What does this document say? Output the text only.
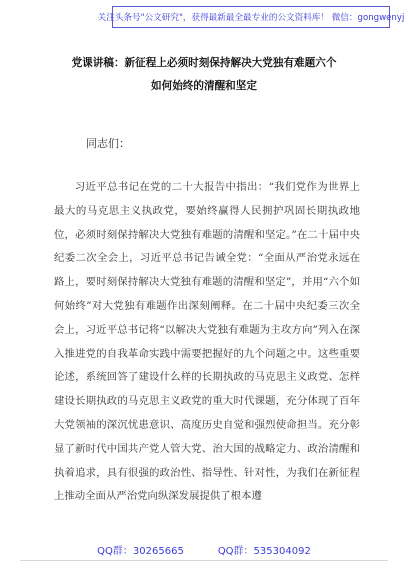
关注头条号"公文研究"，获得最新最全最专业的公文资料库！ 微信：gongwenyj
党课讲稿：新征程上必须时刻保持解决大党独有难题六个
如何始终的清醒和坚定
同志们：

习近平总书记在党的二十大报告中指出：“我们党作为世界上最大的马克思主义执政党，要始终赢得人民拥护巩固长期执政地位，必须时刻保持解决大党独有难题的清醒和坚定。”在二十届中央纪委二次全会上，习近平总书记告诫全党：“全面从严治党永远在路上，要时刻保持解决大党独有难题的清醒和坚定”，并用“六个如何始终”对大党独有难题作出深刻阐释。在二十届中央纪委三次全会上，习近平总书记将“以解决大党独有难题为主攻方向”列入在深入推进党的自我革命实践中需要把握好的九个问题之中。这些重要论述，系统回答了建设什么样的长期执政的马克思主义政党、怎样建设长期执政的马克思主义政党的重大时代课题，充分体现了百年大党领袖的深沉忧患意识、高度历史自觉和强烈使命担当。充分彰显了新时代中国共产党人管大党、治大国的战略定力、政治清醒和执着追求，具有很强的政治性、指导性、针对性，为我们在新征程上推动全面从严治党向纵深发展提供了根本遵

QQ群：30265665	QQ群：535304092
